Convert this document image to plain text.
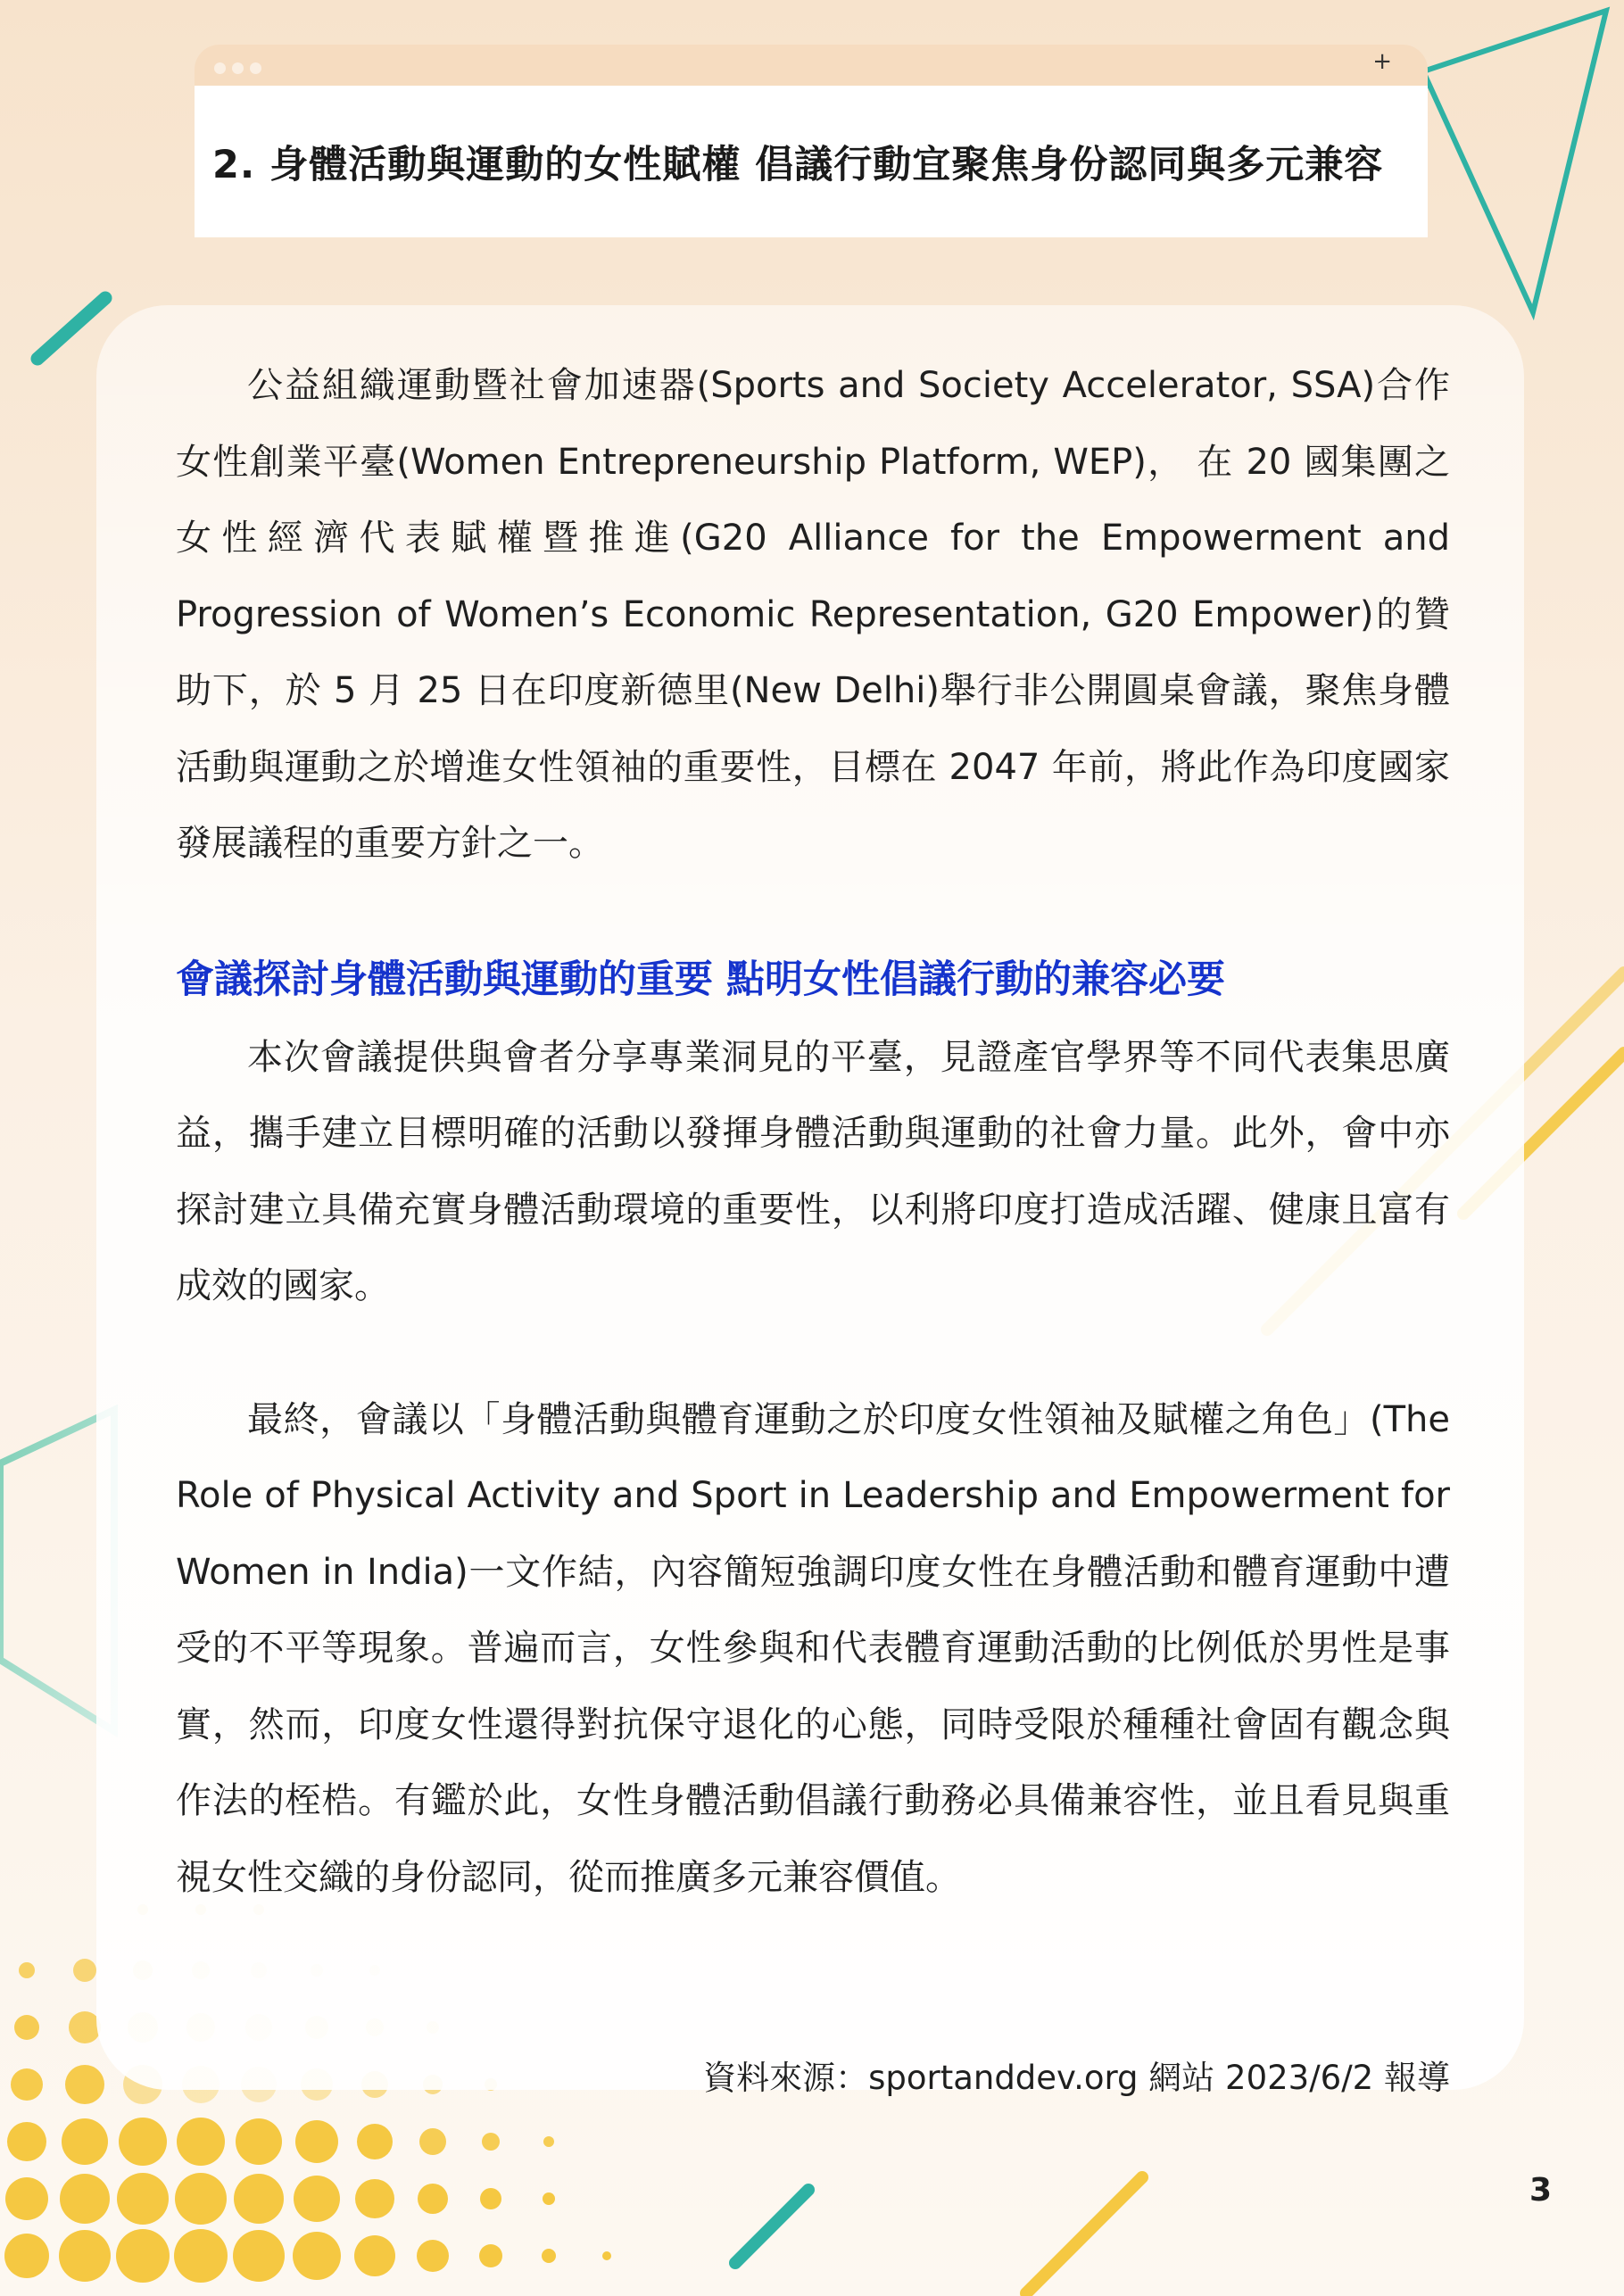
+
2. 身體活動與運動的女性賦權 倡議行動宜聚焦身份認同與多元兼容

公益組織運動暨社會加速器(Sports and Society Accelerator, SSA)合作女性創業平臺(Women Entrepreneurship Platform, WEP)， 在 20 國集團之女性經濟代表賦權暨推進(G20 Alliance for the Empowerment and Progression of Women’s Economic Representation, G20 Empower)的贊助下，於 5 月 25 日在印度新德里(New Delhi)舉行非公開圓桌會議，聚焦身體活動與運動之於增進女性領袖的重要性，目標在 2047 年前，將此作為印度國家發展議程的重要方針之一。

會議探討身體活動與運動的重要 點明女性倡議行動的兼容必要

本次會議提供與會者分享專業洞見的平臺，見證產官學界等不同代表集思廣益，攜手建立目標明確的活動以發揮身體活動與運動的社會力量。此外，會中亦探討建立具備充實身體活動環境的重要性，以利將印度打造成活躍、健康且富有成效的國家。

最終，會議以「身體活動與體育運動之於印度女性領袖及賦權之角色」(The Role of Physical Activity and Sport in Leadership and Empowerment for Women in India)一文作結，內容簡短強調印度女性在身體活動和體育運動中遭受的不平等現象。普遍而言，女性參與和代表體育運動活動的比例低於男性是事實，然而，印度女性還得對抗保守退化的心態，同時受限於種種社會固有觀念與作法的桎梏。有鑑於此，女性身體活動倡議行動務必具備兼容性，並且看見與重視女性交織的身份認同，從而推廣多元兼容價值。

資料來源：sportanddev.org 網站 2023/6/2 報導
3
